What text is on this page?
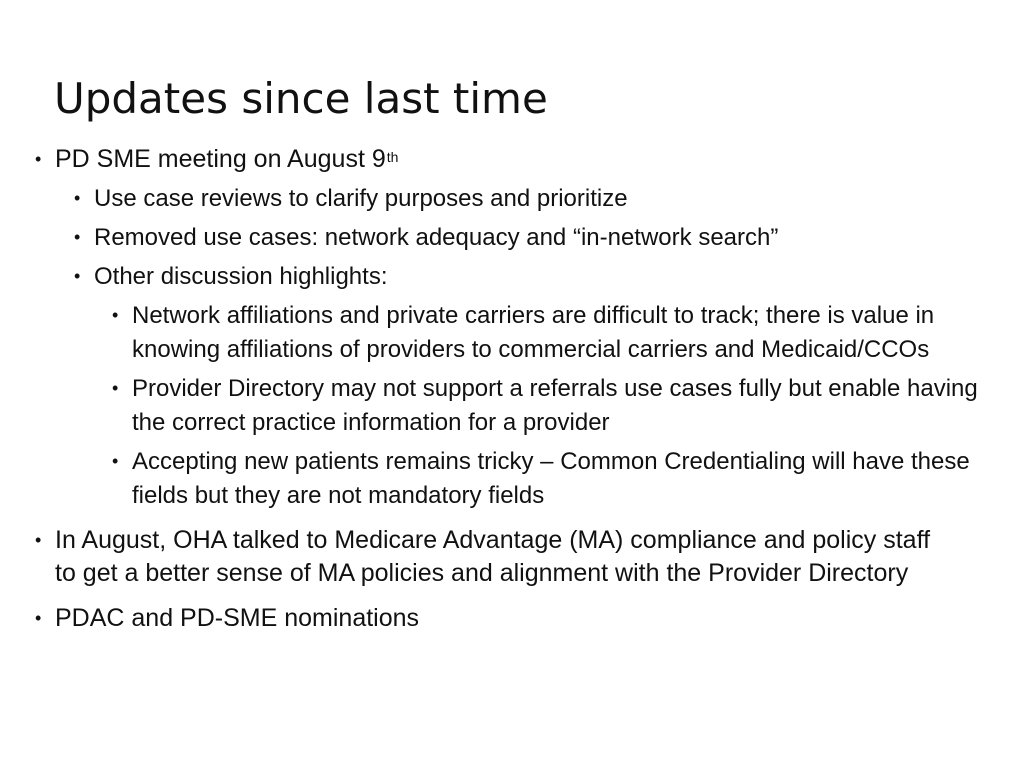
Updates since last time
• PD SME meeting on August 9th
• Use case reviews to clarify purposes and prioritize
• Removed use cases: network adequacy and “in-network search”
• Other discussion highlights:
• Network affiliations and private carriers are difficult to track; there is value in knowing affiliations of providers to commercial carriers and Medicaid/CCOs
• Provider Directory may not support a referrals use cases fully but enable having the correct practice information for a provider
• Accepting new patients remains tricky – Common Credentialing will have these fields but they are not mandatory fields
• In August, OHA talked to Medicare Advantage (MA) compliance and policy staff to get a better sense of MA policies and alignment with the Provider Directory
• PDAC and PD-SME nominations
